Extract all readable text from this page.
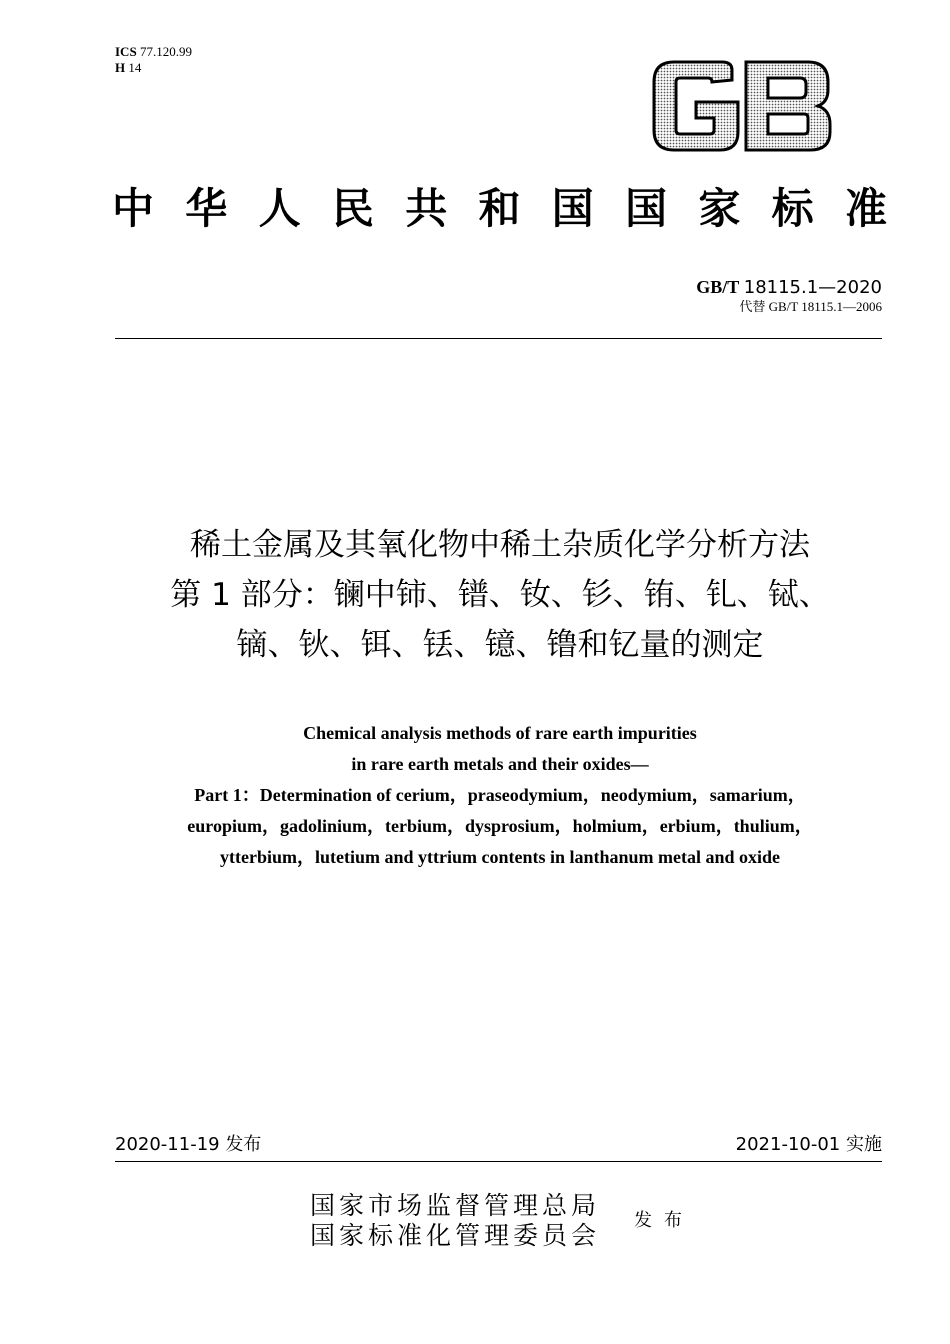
ICS 77.120.99
H 14
中 华 人 民 共 和 国 国 家 标 准
GB/T 18115.1—2020
代替 GB/T 18115.1—2006
稀土金属及其氧化物中稀土杂质化学分析方法
第 1 部分：镧中铈、镨、钕、钐、铕、钆、铽、
镝、钬、铒、铥、镱、镥和钇量的测定
Chemical analysis methods of rare earth impurities
in rare earth metals and their oxides—
Part 1：Determination of cerium，praseodymium，neodymium，samarium，
europium，gadolinium，terbium，dysprosium，holmium，erbium，thulium，
ytterbium，lutetium and yttrium contents in lanthanum metal and oxide
2020-11-19 发布	2021-10-01 实施
国家市场监督管理总局
国家标准化管理委员会
发布
